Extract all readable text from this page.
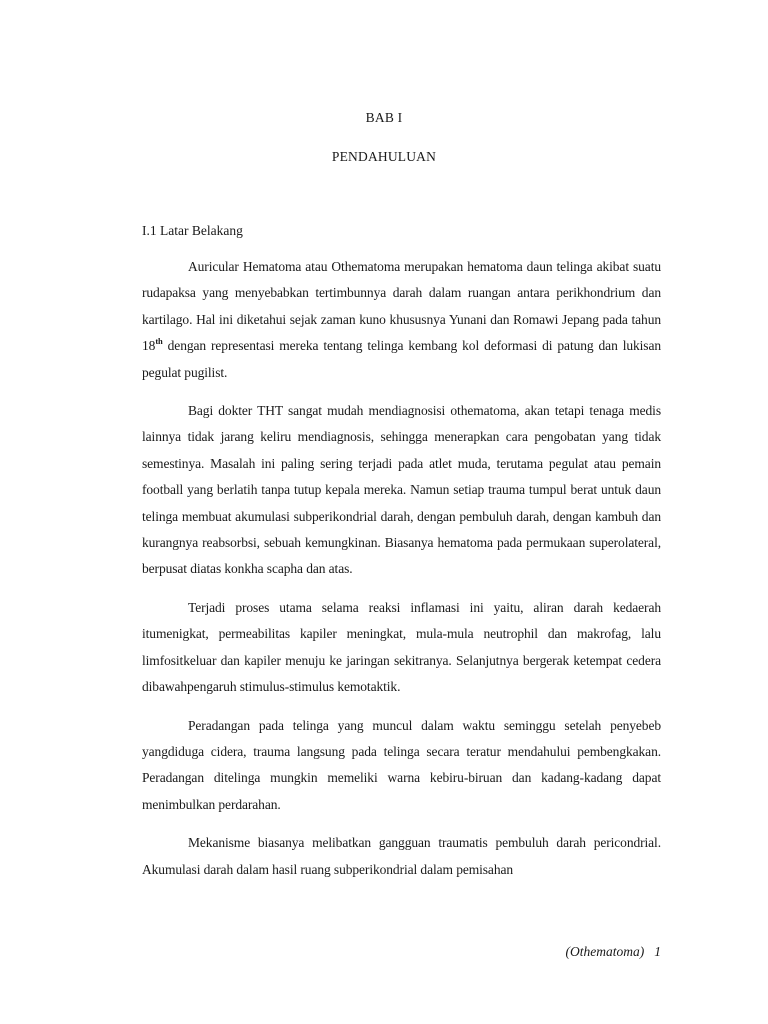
BAB I
PENDAHULUAN
I.1 Latar Belakang

Auricular Hematoma atau Othematoma merupakan hematoma daun telinga akibat suatu rudapaksa yang menyebabkan tertimbunnya darah dalam ruangan antara perikhondrium dan kartilago. Hal ini diketahui sejak zaman kuno khususnya Yunani dan Romawi Jepang pada tahun 18th dengan representasi mereka tentang telinga kembang kol deformasi di patung dan lukisan pegulat pugilist.

Bagi dokter THT sangat mudah mendiagnosisi othematoma, akan tetapi tenaga medis lainnya tidak jarang keliru mendiagnosis, sehingga menerapkan cara pengobatan yang tidak semestinya. Masalah ini paling sering terjadi pada atlet muda, terutama pegulat atau pemain football yang berlatih tanpa tutup kepala mereka. Namun setiap trauma tumpul berat untuk daun telinga membuat akumulasi subperikondrial darah, dengan pembuluh darah, dengan kambuh dan kurangnya reabsorbsi, sebuah kemungkinan. Biasanya hematoma pada permukaan superolateral, berpusat diatas konkha scapha dan atas.

Terjadi proses utama selama reaksi inflamasi ini yaitu, aliran darah kedaerah itumenigkat, permeabilitas kapiler meningkat, mula-mula neutrophil dan makrofag, lalu limfositkeluar dan kapiler menuju ke jaringan sekitranya. Selanjutnya bergerak ketempat cedera dibawahpengaruh stimulus-stimulus kemotaktik.

Peradangan pada telinga yang muncul dalam waktu seminggu setelah penyebeb yangdiduga cidera, trauma langsung pada telinga secara teratur mendahului pembengkakan. Peradangan ditelinga mungkin memeliki warna kebiru-biruan dan kadang-kadang dapat menimbulkan perdarahan.

Mekanisme biasanya melibatkan gangguan traumatis pembuluh darah pericondrial. Akumulasi darah dalam hasil ruang subperikondrial dalam pemisahan

(Othematoma) 1
